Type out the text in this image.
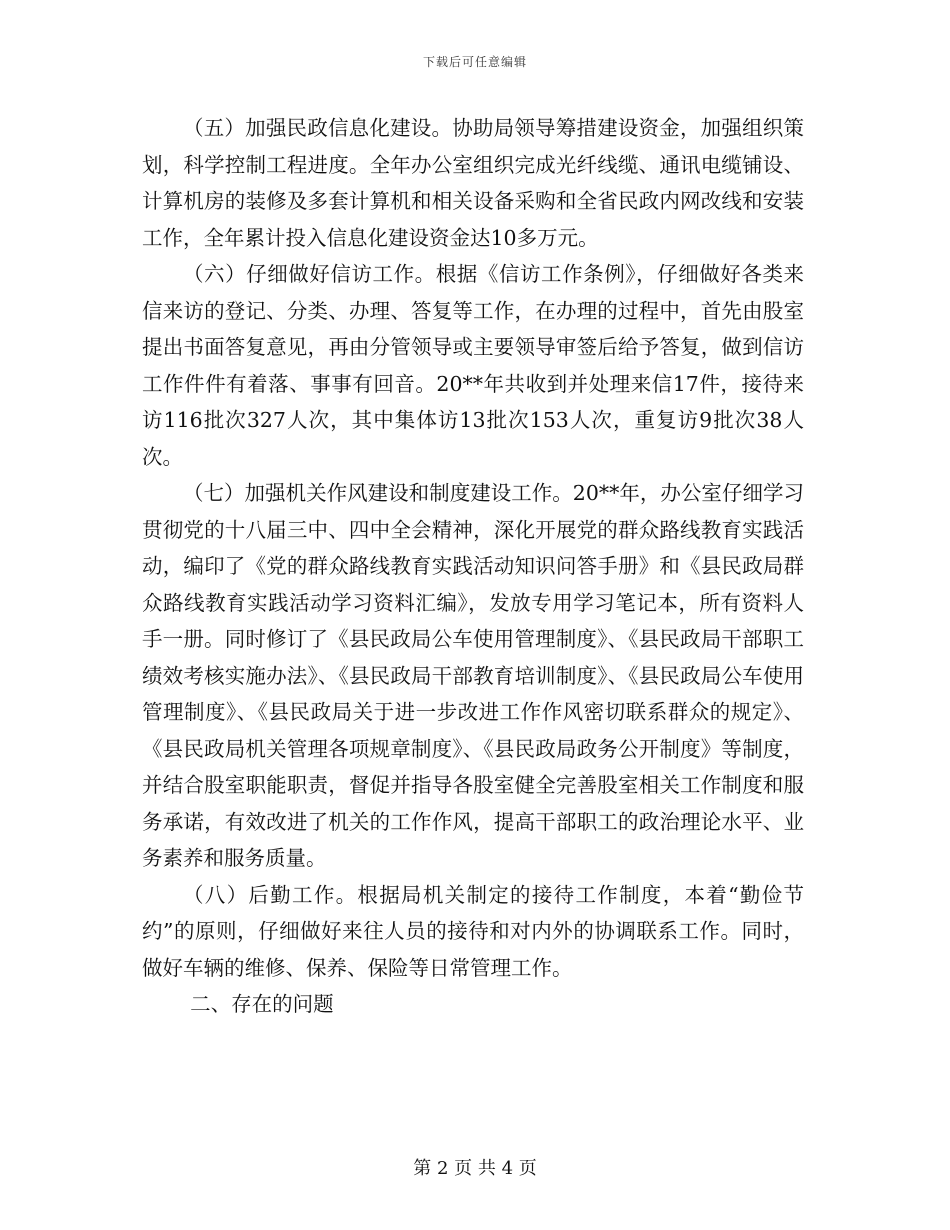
下载后可任意编辑

（五）加强民政信息化建设。协助局领导筹措建设资金，加强组织策划，科学控制工程进度。全年办公室组织完成光纤线缆、通讯电缆铺设、计算机房的装修及多套计算机和相关设备采购和全省民政内网改线和安装工作，全年累计投入信息化建设资金达10多万元。

（六）仔细做好信访工作。根据《信访工作条例》，仔细做好各类来信来访的登记、分类、办理、答复等工作，在办理的过程中，首先由股室提出书面答复意见，再由分管领导或主要领导审签后给予答复，做到信访工作件件有着落、事事有回音。20**年共收到并处理来信17件，接待来访116批次327人次，其中集体访13批次153人次，重复访9批次38人次。

（七）加强机关作风建设和制度建设工作。20**年，办公室仔细学习贯彻党的十八届三中、四中全会精神，深化开展党的群众路线教育实践活动，编印了《党的群众路线教育实践活动知识问答手册》和《县民政局群众路线教育实践活动学习资料汇编》，发放专用学习笔记本，所有资料人手一册。同时修订了《县民政局公车使用管理制度》、《县民政局干部职工绩效考核实施办法》、《县民政局干部教育培训制度》、《县民政局公车使用管理制度》、《县民政局关于进一步改进工作作风密切联系群众的规定》、《县民政局机关管理各项规章制度》、《县民政局政务公开制度》等制度，并结合股室职能职责，督促并指导各股室健全完善股室相关工作制度和服务承诺，有效改进了机关的工作作风，提高干部职工的政治理论水平、业务素养和服务质量。

（八）后勤工作。根据局机关制定的接待工作制度，本着“勤俭节约”的原则，仔细做好来往人员的接待和对内外的协调联系工作。同时，做好车辆的维修、保养、保险等日常管理工作。

二、存在的问题

第 2 页 共 4 页
